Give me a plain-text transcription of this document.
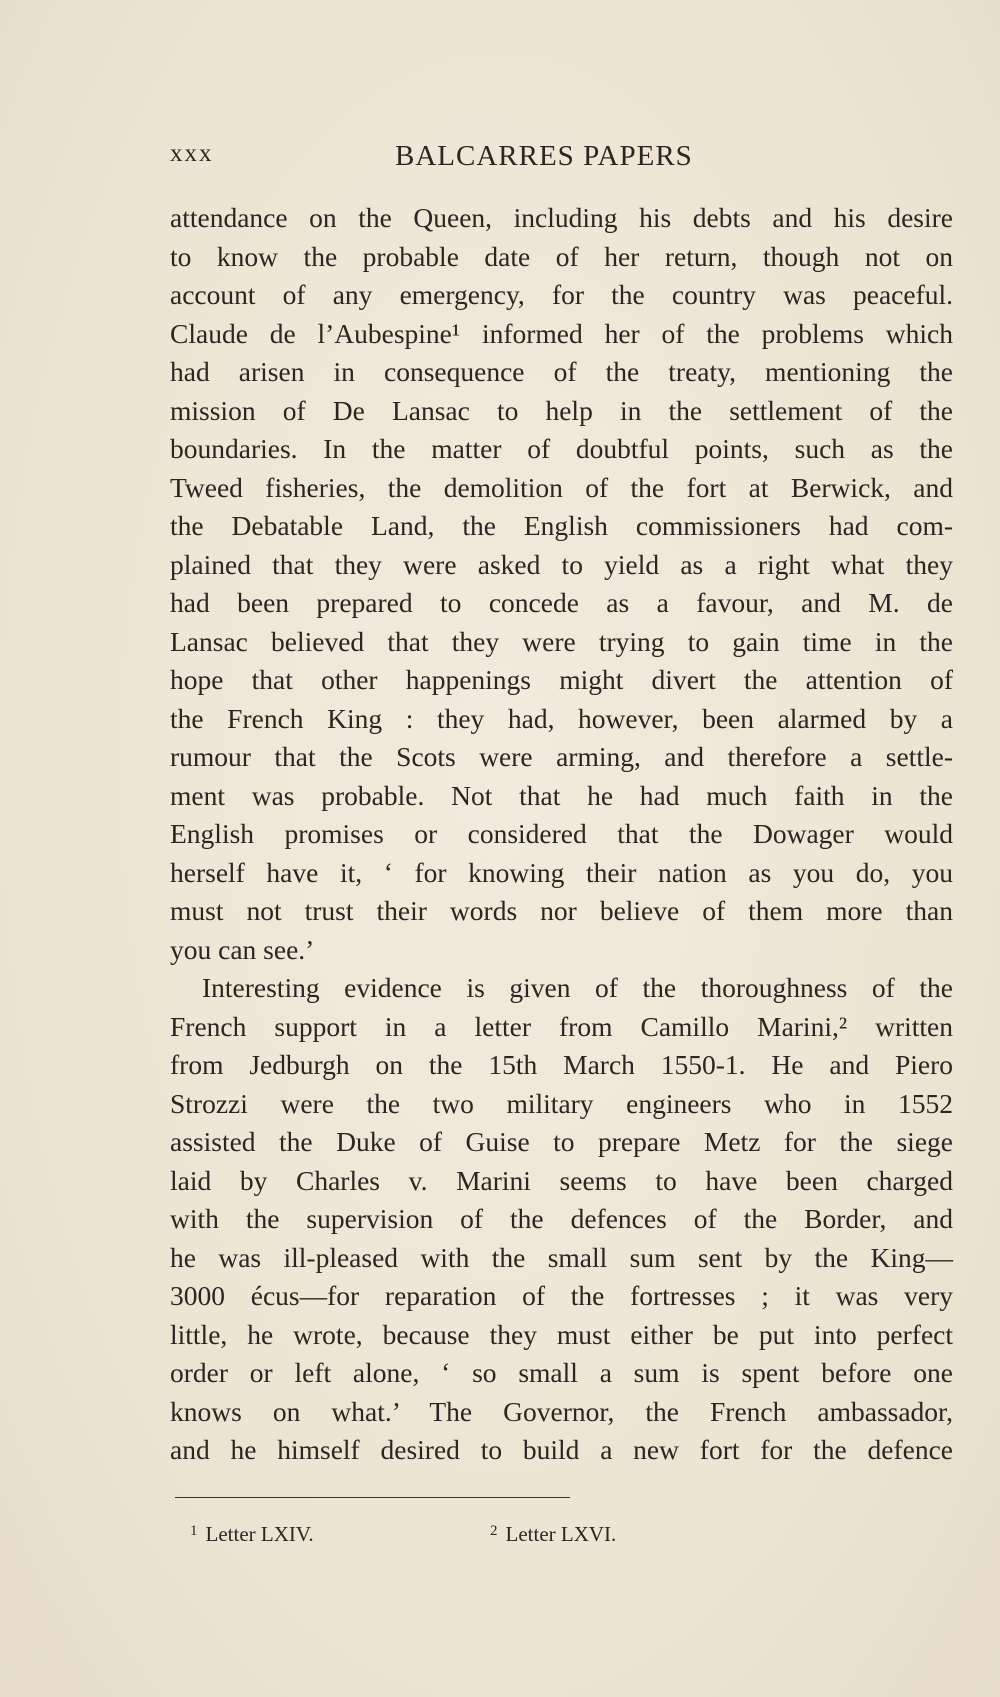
xxx	BALCARRES PAPERS
attendance on the Queen, including his debts and his desire
to know the probable date of her return, though not on
account of any emergency, for the country was peaceful.
Claude de l’Aubespine¹ informed her of the problems which
had arisen in consequence of the treaty, mentioning the
mission of De Lansac to help in the settlement of the
boundaries. In the matter of doubtful points, such as the
Tweed fisheries, the demolition of the fort at Berwick, and
the Debatable Land, the English commissioners had com-
plained that they were asked to yield as a right what they
had been prepared to concede as a favour, and M. de
Lansac believed that they were trying to gain time in the
hope that other happenings might divert the attention of
the French King : they had, however, been alarmed by a
rumour that the Scots were arming, and therefore a settle-
ment was probable. Not that he had much faith in the
English promises or considered that the Dowager would
herself have it, ‘ for knowing their nation as you do, you
must not trust their words nor believe of them more than
you can see.’
Interesting evidence is given of the thoroughness of the
French support in a letter from Camillo Marini,² written
from Jedburgh on the 15th March 1550-1. He and Piero
Strozzi were the two military engineers who in 1552
assisted the Duke of Guise to prepare Metz for the siege
laid by Charles v. Marini seems to have been charged
with the supervision of the defences of the Border, and
he was ill-pleased with the small sum sent by the King—
3000 écus—for reparation of the fortresses ; it was very
little, he wrote, because they must either be put into perfect
order or left alone, ‘ so small a sum is spent before one
knows on what.’ The Governor, the French ambassador,
and he himself desired to build a new fort for the defence
$^1$ Letter LXIV.	$^2$ Letter LXVI.
